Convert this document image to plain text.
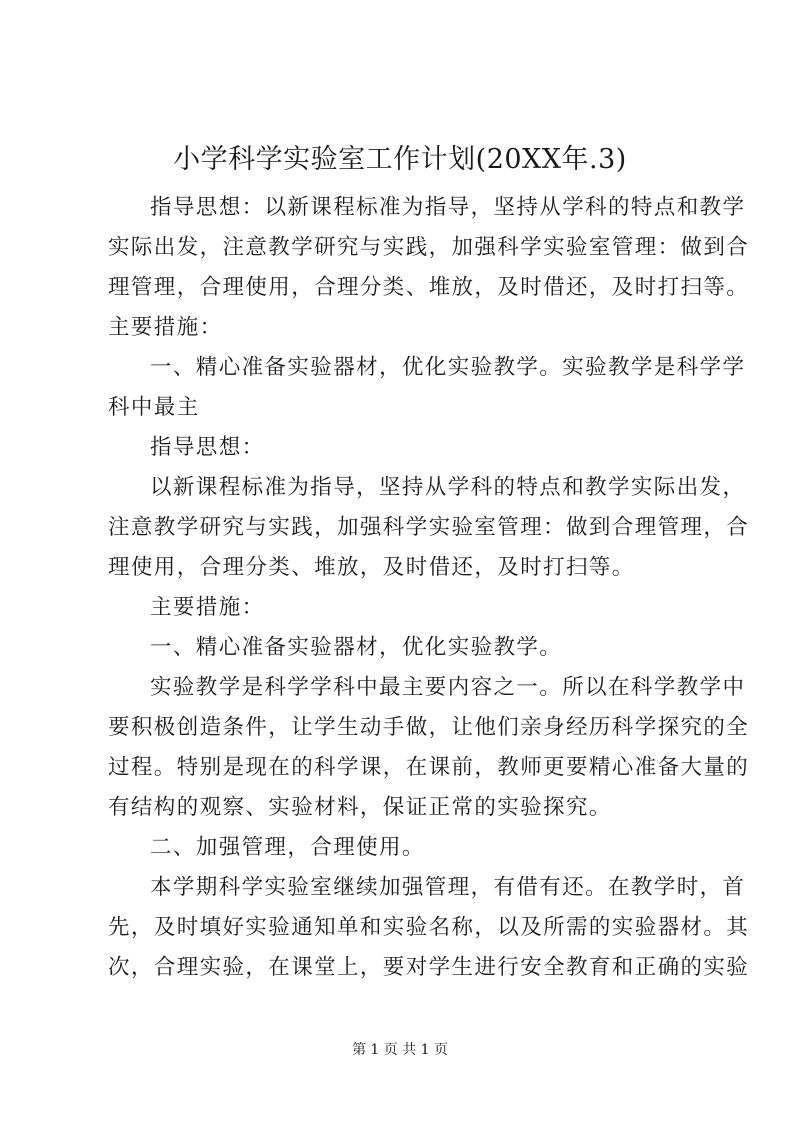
小学科学实验室工作计划(20XX年.3)
指导思想：以新课程标准为指导，坚持从学科的特点和教学
实际出发，注意教学研究与实践，加强科学实验室管理：做到合
理管理，合理使用，合理分类、堆放，及时借还，及时打扫等。
主要措施：
一、精心准备实验器材，优化实验教学。实验教学是科学学
科中最主
指导思想：
以新课程标准为指导，坚持从学科的特点和教学实际出发，
注意教学研究与实践，加强科学实验室管理：做到合理管理，合
理使用，合理分类、堆放，及时借还，及时打扫等。
主要措施：
一、精心准备实验器材，优化实验教学。
实验教学是科学学科中最主要内容之一。所以在科学教学中
要积极创造条件，让学生动手做，让他们亲身经历科学探究的全
过程。特别是现在的科学课，在课前，教师更要精心准备大量的
有结构的观察、实验材料，保证正常的实验探究。
二、加强管理，合理使用。
本学期科学实验室继续加强管理，有借有还。在教学时，首
先，及时填好实验通知单和实验名称，以及所需的实验器材。其
次，合理实验，在课堂上，要对学生进行安全教育和正确的实验
第 1 页 共 1 页
